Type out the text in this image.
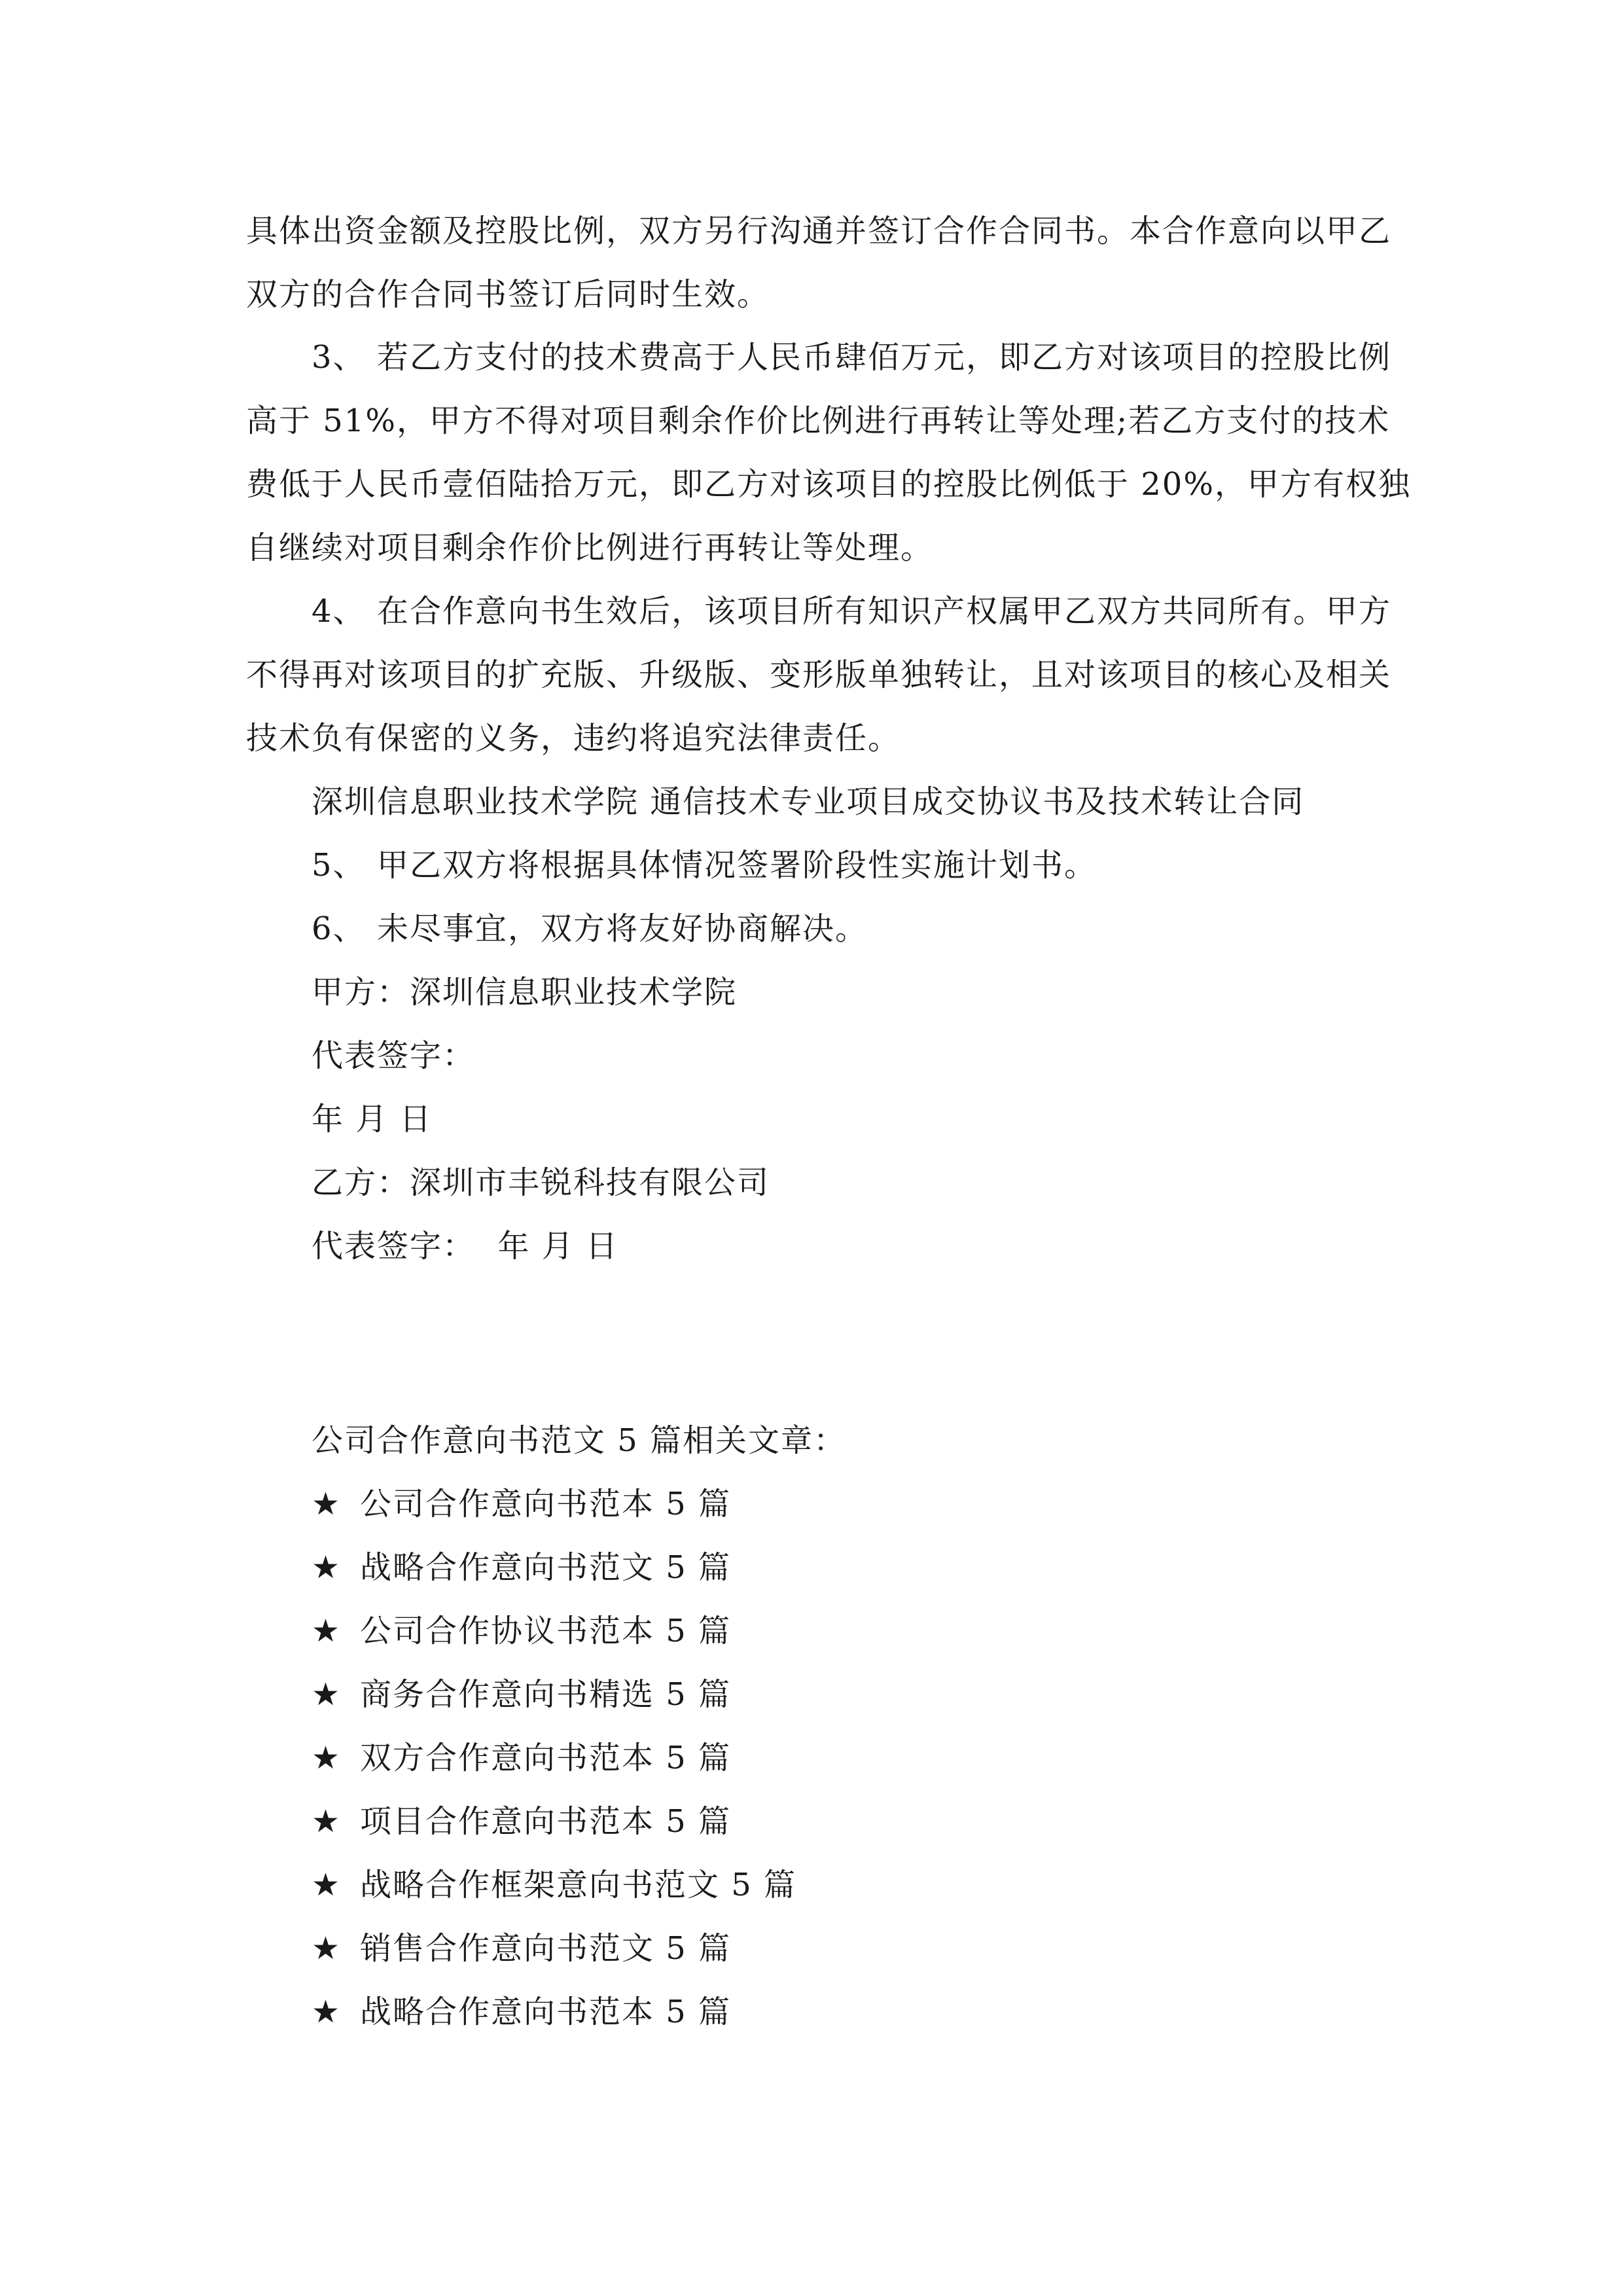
具体出资金额及控股比例，双方另行沟通并签订合作合同书。本合作意向以甲乙
双方的合作合同书签订后同时生效。
3、 若乙方支付的技术费高于人民币肆佰万元，即乙方对该项目的控股比例
高于 51%，甲方不得对项目剩余作价比例进行再转让等处理;若乙方支付的技术
费低于人民币壹佰陆拾万元，即乙方对该项目的控股比例低于 20%，甲方有权独
自继续对项目剩余作价比例进行再转让等处理。
4、 在合作意向书生效后，该项目所有知识产权属甲乙双方共同所有。甲方
不得再对该项目的扩充版、升级版、变形版单独转让，且对该项目的核心及相关
技术负有保密的义务，违约将追究法律责任。
深圳信息职业技术学院 通信技术专业项目成交协议书及技术转让合同
5、 甲乙双方将根据具体情况签署阶段性实施计划书。
6、 未尽事宜，双方将友好协商解决。
甲方：深圳信息职业技术学院
代表签字：
年 月 日
乙方：深圳市丰锐科技有限公司
代表签字：  年 月 日
公司合作意向书范文 5 篇相关文章：
★ 公司合作意向书范本 5 篇
★ 战略合作意向书范文 5 篇
★ 公司合作协议书范本 5 篇
★ 商务合作意向书精选 5 篇
★ 双方合作意向书范本 5 篇
★ 项目合作意向书范本 5 篇
★ 战略合作框架意向书范文 5 篇
★ 销售合作意向书范文 5 篇
★ 战略合作意向书范本 5 篇
